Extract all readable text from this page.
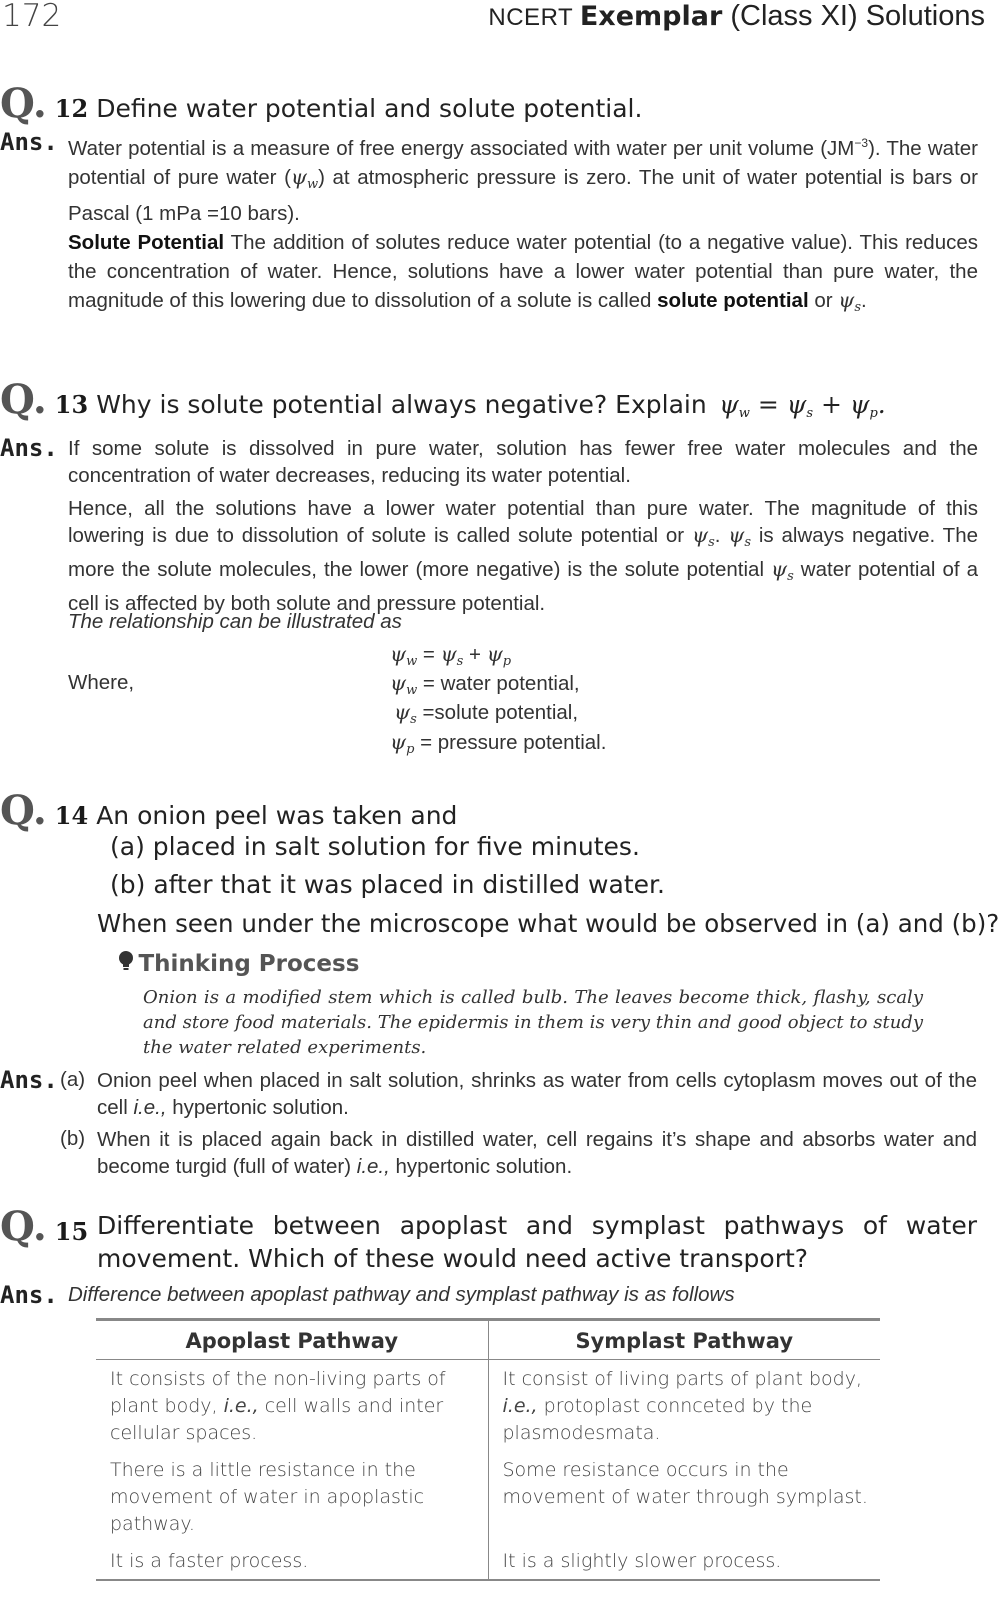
172	NCERT Exemplar (Class XI) Solutions
Q. 12 Define water potential and solute potential.
Ans. Water potential is a measure of free energy associated with water per unit volume $(JM^{-3})$. The water potential of pure water $(\psi_w)$ at atmospheric pressure is zero. The unit of water potential is bars or Pascal (1 mPa =10 bars).
Solute Potential The addition of solutes reduce water potential (to a negative value). This reduces the concentration of water. Hence, solutions have a lower water potential than pure water, the magnitude of this lowering due to dissolution of a solute is called solute potential or $\psi_s$.
Q. 13 Why is solute potential always negative? Explain $\psi_w = \psi_s + \psi_p$.
Ans. If some solute is dissolved in pure water, solution has fewer free water molecules and the concentration of water decreases, reducing its water potential.
Hence, all the solutions have a lower water potential than pure water. The magnitude of this lowering is due to dissolution of solute is called solute potential or $\psi_s$. $\psi_s$ is always negative. The more the solute molecules, the lower (more negative) is the solute potential $\psi_s$ water potential of a cell is affected by both solute and pressure potential.
The relationship can be illustrated as
$\psi_w = \psi_s + \psi_p$
Where,	$\psi_w$ = water potential,
$\psi_s$ =solute potential,
$\psi_p$ = pressure potential.
Q. 14 An onion peel was taken and
(a) placed in salt solution for five minutes.
(b) after that it was placed in distilled water.
When seen under the microscope what would be observed in (a) and (b)?
Thinking Process
Onion is a modified stem which is called bulb. The leaves become thick, flashy, scaly and store food materials. The epidermis in them is very thin and good object to study the water related experiments.
Ans. (a) Onion peel when placed in salt solution, shrinks as water from cells cytoplasm moves out of the cell i.e., hypertonic solution.
(b) When it is placed again back in distilled water, cell regains it’s shape and absorbs water and become turgid (full of water) i.e., hypertonic solution.
Q. 15 Differentiate between apoplast and symplast pathways of water movement. Which of these would need active transport?
Ans. Difference between apoplast pathway and symplast pathway is as follows
Apoplast Pathway	Symplast Pathway
It consists of the non-living parts of plant body, i.e., cell walls and inter cellular spaces.	It consist of living parts of plant body, i.e., protoplast connceted by the plasmodesmata.
There is a little resistance in the movement of water in apoplastic pathway.	Some resistance occurs in the movement of water through symplast.
It is a faster process.	It is a slightly slower process.
